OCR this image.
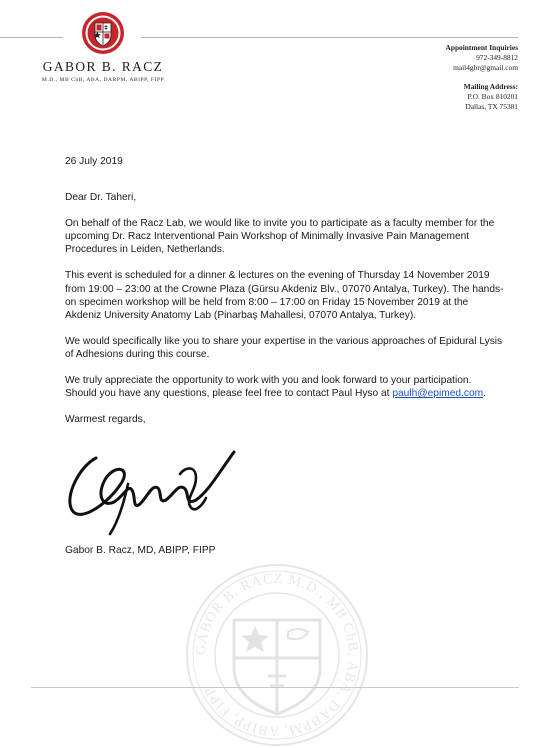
GABOR B. RACZ
M.D., MB ChB, ABA, DABPM, ABIPP, FIPP
Appointment Inquiries
972-349-8812
mail4gbr@gmail.com
Mailing Address:
P.O. Box 810201
Dallas, TX 75381

26 July 2019

Dear Dr. Taheri,

On behalf of the Racz Lab, we would like to invite you to participate as a faculty member for the upcoming Dr. Racz Interventional Pain Workshop of Minimally Invasive Pain Management Procedures in Leiden, Netherlands.

This event is scheduled for a dinner & lectures on the evening of Thursday 14 November 2019 from 19:00 – 23:00 at the Crowne Plaza (Gürsu Akdeniz Blv., 07070 Antalya, Turkey). The hands-on specimen workshop will be held from 8:00 – 17:00 on Friday 15 November 2019 at the Akdeniz University Anatomy Lab (Pinarbaş Mahallesi, 07070 Antalya, Turkey).

We would specifically like you to share your expertise in the various approaches of Epidural Lysis of Adhesions during this course.

We truly appreciate the opportunity to work with you and look forward to your participation. Should you have any questions, please feel free to contact Paul Hyso at paulh@epimed.com.

Warmest regards,

Gabor B. Racz, MD, ABIPP, FIPP
GABOR B. RACZ M.D., MB ChB, ABA, DABPM, ABIPP, FIPP
